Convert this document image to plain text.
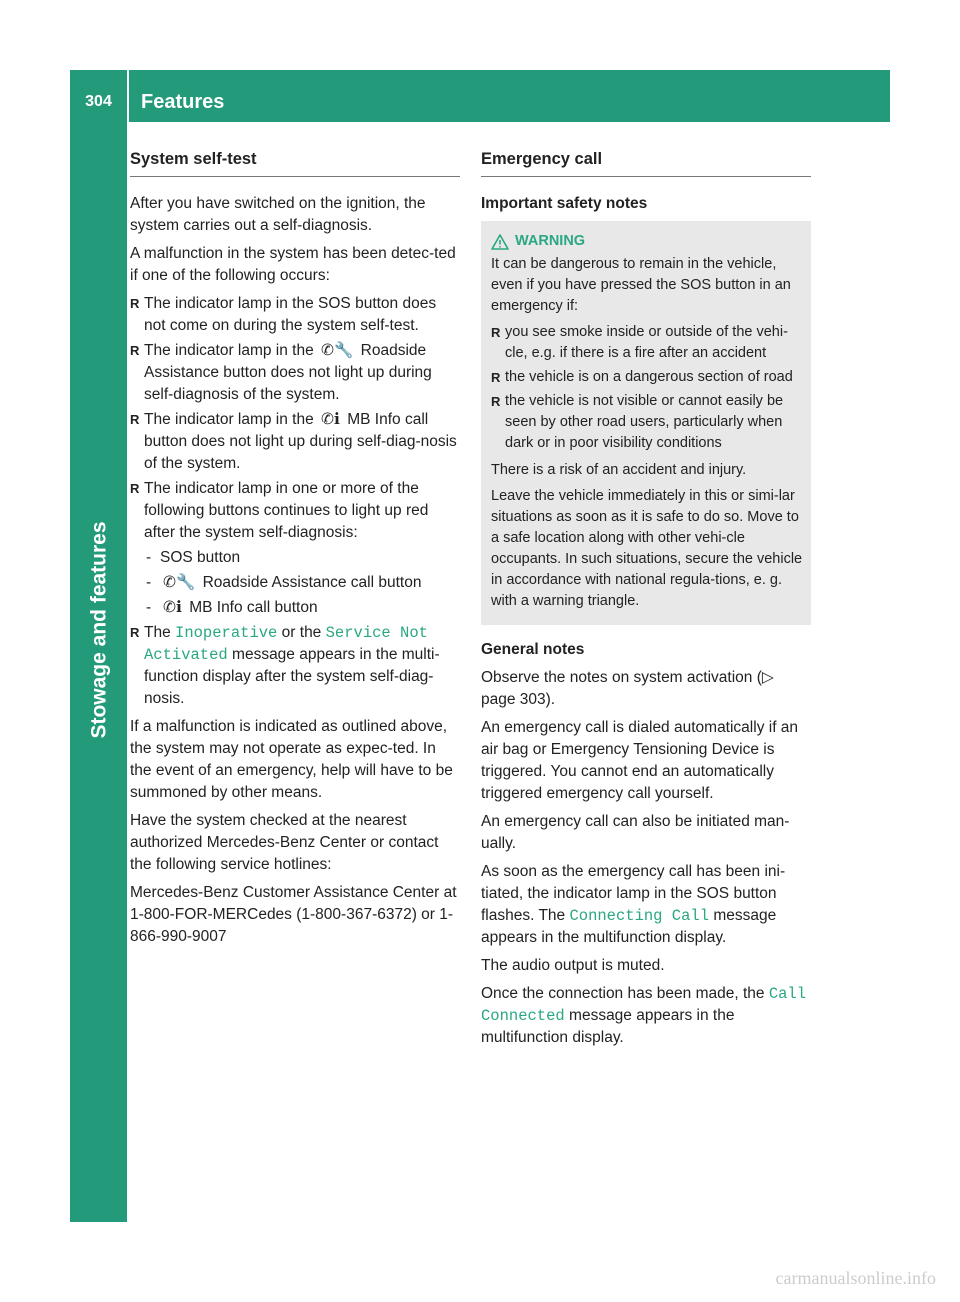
304	Features
Stowage and features
System self-test

After you have switched on the ignition, the system carries out a self-diagnosis.

A malfunction in the system has been detec-ted if one of the following occurs:

R The indicator lamp in the SOS button does not come on during the system self-test.
R The indicator lamp in the ✆🔧 Roadside Assistance button does not light up during self-diagnosis of the system.
R The indicator lamp in the ✆ℹ MB Info call button does not light up during self-diag-nosis of the system.
R The indicator lamp in one or more of the following buttons continues to light up red after the system self-diagnosis:
- SOS button
- ✆🔧 Roadside Assistance call button
- ✆ℹ MB Info call button
R The Inoperative or the Service Not Activated message appears in the multi-function display after the system self-diag-nosis.

If a malfunction is indicated as outlined above, the system may not operate as expec-ted. In the event of an emergency, help will have to be summoned by other means.

Have the system checked at the nearest authorized Mercedes-Benz Center or contact the following service hotlines:

Mercedes-Benz Customer Assistance Center at 1-800-FOR-MERCedes (1-800-367-6372) or 1-866-990-9007

Emergency call
Important safety notes
WARNING

It can be dangerous to remain in the vehicle, even if you have pressed the SOS button in an emergency if:

R you see smoke inside or outside of the vehi-cle, e.g. if there is a fire after an accident
R the vehicle is on a dangerous section of road
R the vehicle is not visible or cannot easily be seen by other road users, particularly when dark or in poor visibility conditions

There is a risk of an accident and injury.

Leave the vehicle immediately in this or simi-lar situations as soon as it is safe to do so. Move to a safe location along with other vehi-cle occupants. In such situations, secure the vehicle in accordance with national regula-tions, e. g. with a warning triangle.

General notes

Observe the notes on system activation (▷ page 303).

An emergency call is dialed automatically if an air bag or Emergency Tensioning Device is triggered. You cannot end an automatically triggered emergency call yourself.

An emergency call can also be initiated man-ually.

As soon as the emergency call has been ini-tiated, the indicator lamp in the SOS button flashes. The Connecting Call message appears in the multifunction display.

The audio output is muted.

Once the connection has been made, the Call Connected message appears in the multifunction display.

carmanualsonline.info
